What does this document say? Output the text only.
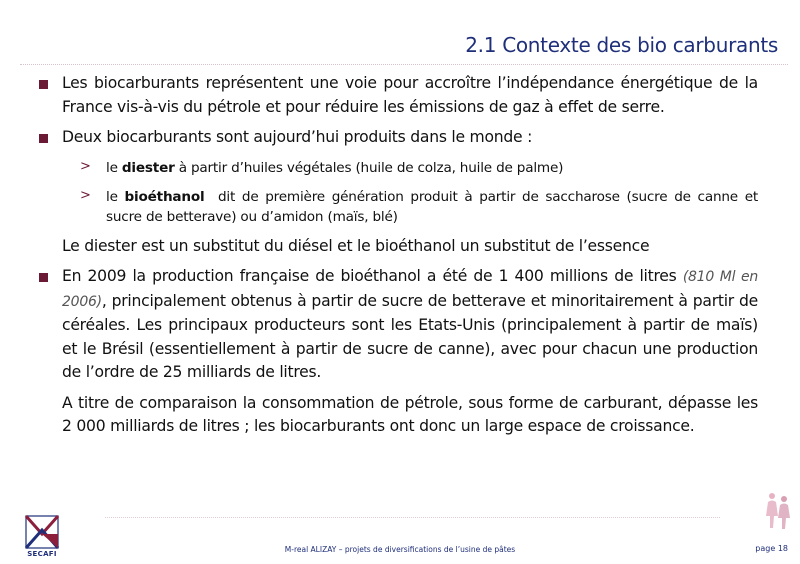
2.1 Contexte des bio carburants
Les biocarburants représentent une voie pour accroître l’indépendance énergétique de la France vis-à-vis du pétrole et pour réduire les émissions de gaz à effet de serre.
Deux biocarburants sont aujourd’hui produits dans le monde :
> le diester à partir d’huiles végétales (huile de colza, huile de palme)
> le bioéthanol  dit de première génération produit à partir de saccharose (sucre de canne et sucre de betterave) ou d’amidon (maïs, blé)
Le diester est un substitut du diésel et le bioéthanol un substitut de l’essence
En 2009 la production française de bioéthanol a été de 1 400 millions de litres (810 Ml en 2006), principalement obtenus à partir de sucre de betterave et minoritairement à partir de céréales. Les principaux producteurs sont les Etats-Unis (principalement à partir de maïs) et le Brésil (essentiellement à partir de sucre de canne), avec pour chacun une production de l’ordre de 25 milliards de litres.
A titre de comparaison la consommation de pétrole, sous forme de carburant, dépasse les 2 000 milliards de litres ; les biocarburants ont donc un large espace de croissance.
SECAFI	M-real ALIZAY – projets de diversifications de l’usine de pâtes	page 18
